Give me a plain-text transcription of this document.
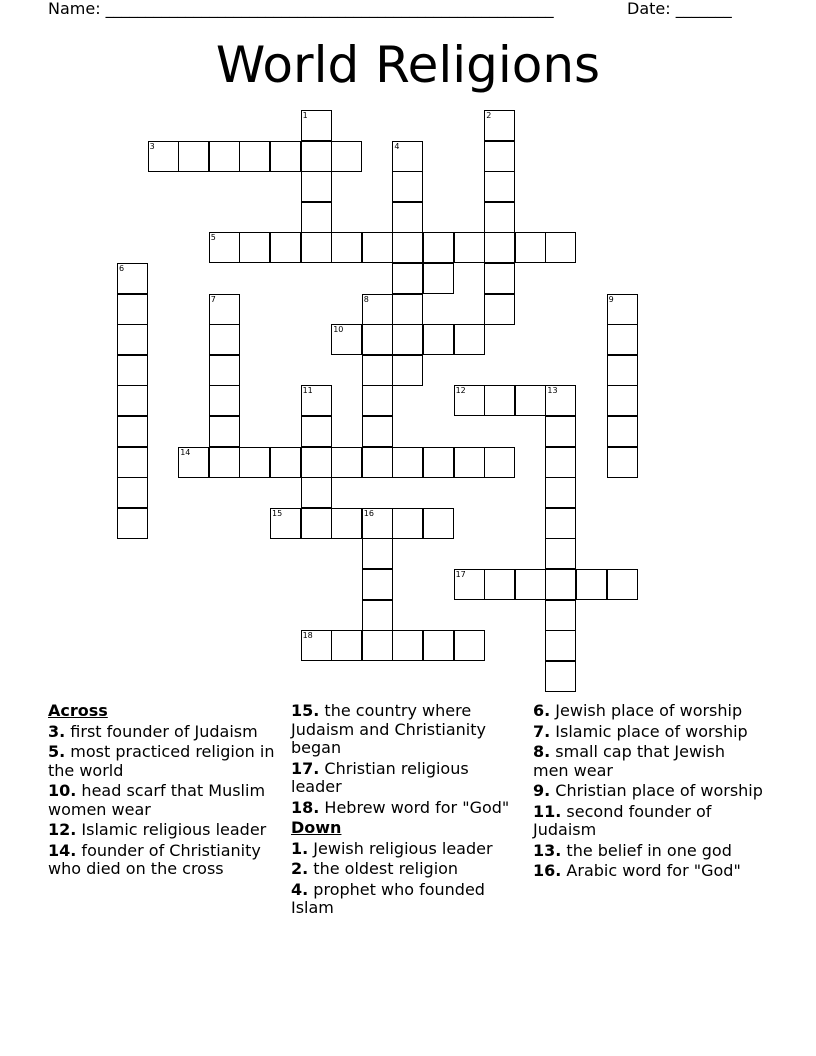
Name: ________________________________________________________	Date: _______
World Religions
1	2
3	4
5
6
7	8	9
10
11	12	13
14
15	16
17
18
Across
3. first founder of Judaism
5. most practiced religion in the world
10. head scarf that Muslim women wear
12. Islamic religious leader
14. founder of Christianity who died on the cross
15. the country where Judaism and Christianity began
17. Christian religious leader
18. Hebrew word for "God"
Down
1. Jewish religious leader
2. the oldest religion
4. prophet who founded Islam
6. Jewish place of worship
7. Islamic place of worship
8. small cap that Jewish men wear
9. Christian place of worship
11. second founder of Judaism
13. the belief in one god
16. Arabic word for "God"
